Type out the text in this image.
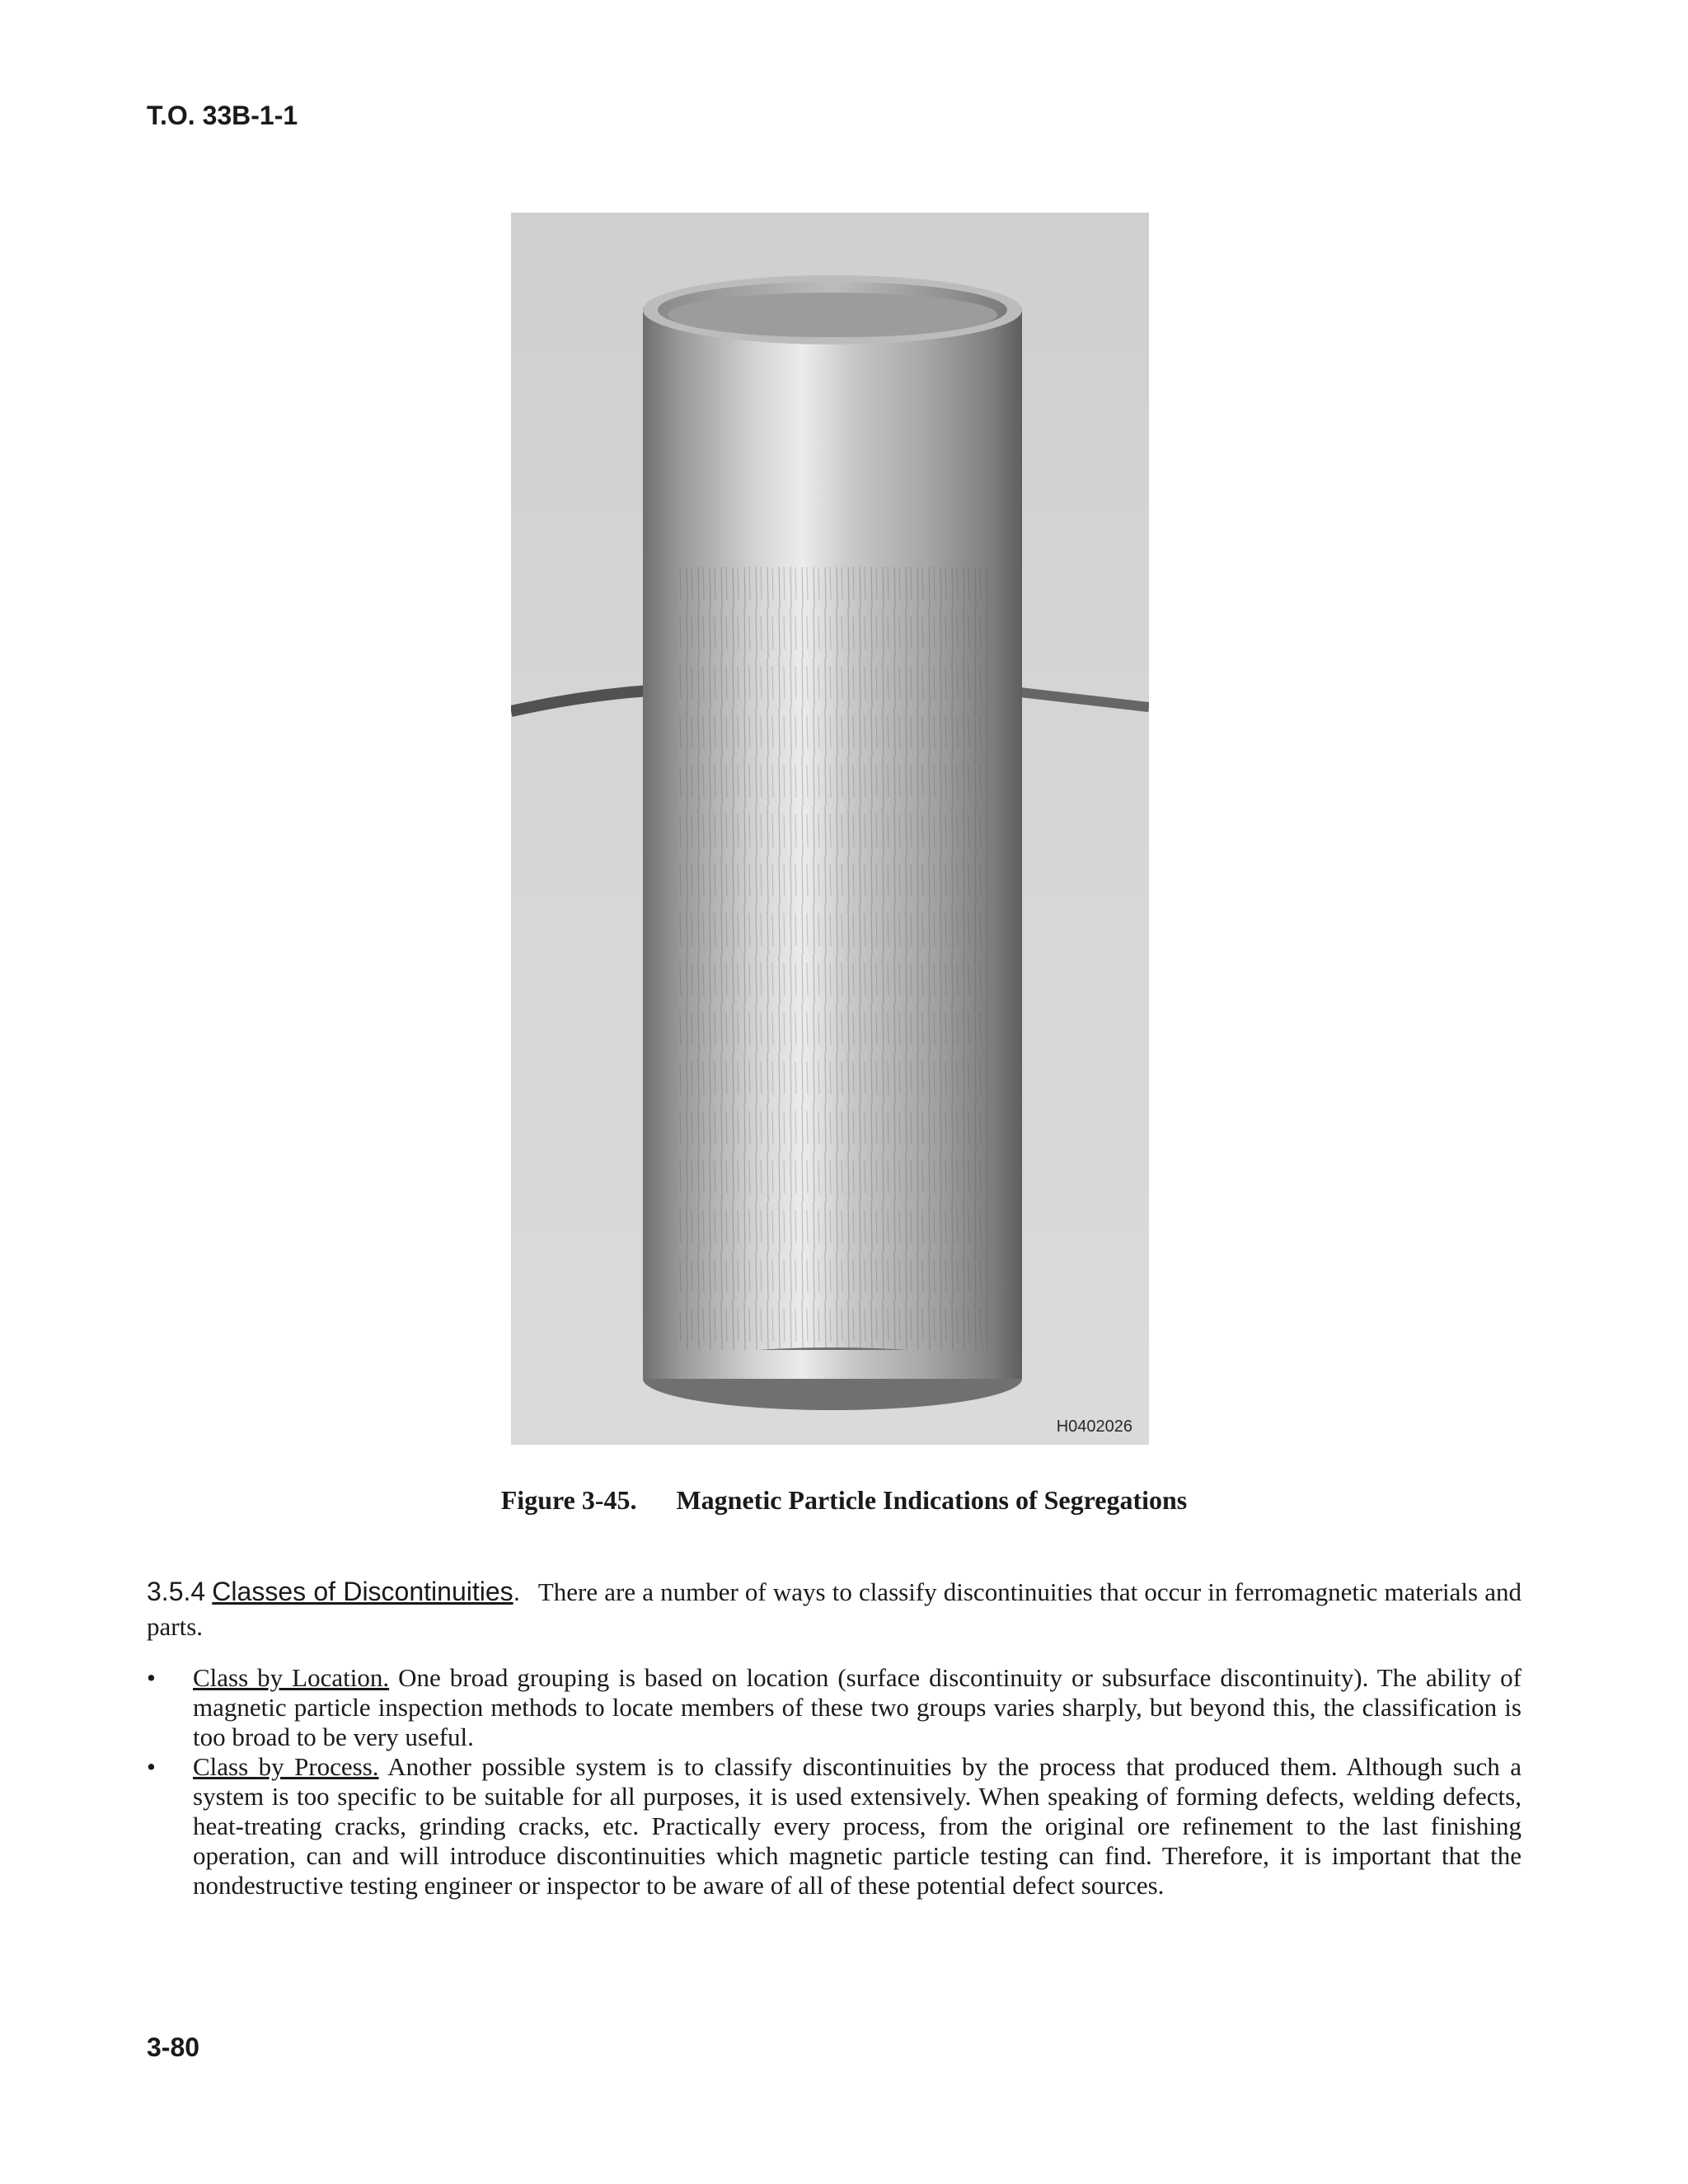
T.O. 33B-1-1
H0402026
Figure 3-45. Magnetic Particle Indications of Segregations
3.5.4 Classes of Discontinuities. There are a number of ways to classify discontinuities that occur in ferromagnetic materials and parts.
• Class by Location. One broad grouping is based on location (surface discontinuity or subsurface discontinuity). The ability of magnetic particle inspection methods to locate members of these two groups varies sharply, but beyond this, the classification is too broad to be very useful.
• Class by Process. Another possible system is to classify discontinuities by the process that produced them. Although such a system is too specific to be suitable for all purposes, it is used extensively. When speaking of forming defects, welding defects, heat-treating cracks, grinding cracks, etc. Practically every process, from the original ore refinement to the last finishing operation, can and will introduce discontinuities which magnetic particle testing can find. Therefore, it is important that the nondestructive testing engineer or inspector to be aware of all of these potential defect sources.
3-80
